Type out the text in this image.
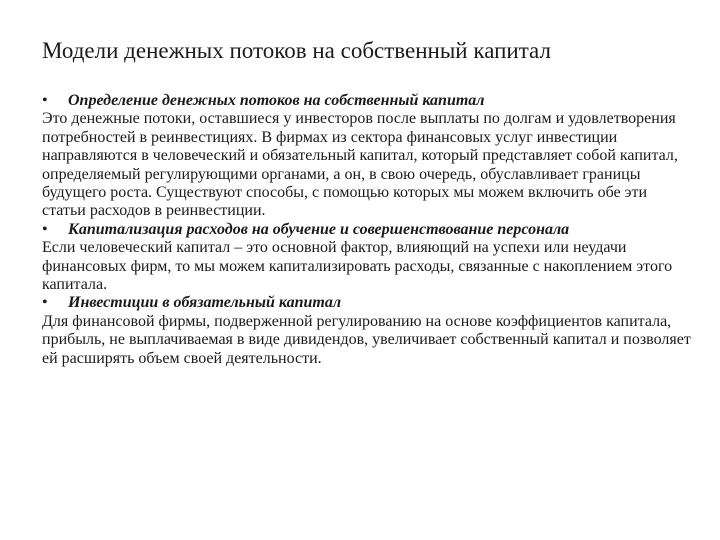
Модели денежных потоков на собственный капитал
•	Определение денежных потоков на собственный капитал

Это денежные потоки, оставшиеся у инвесторов после выплаты по долгам и удовлетворения потребностей в реинвестициях. В фирмах из сектора финансовых услуг инвестиции направляются в человеческий и обязательный капитал, который представляет собой капитал, определяемый регулирующими органами, а он, в свою очередь, обуславливает границы будущего роста. Существуют способы, с помощью которых мы можем включить обе эти статьи расходов в реинвестиции.

•	Капитализация расходов на обучение и совершенствование персонала

Если человеческий капитал – это основной фактор, влияющий на успехи или неудачи финансовых фирм, то мы можем капитализировать расходы, связанные с накоплением этого капитала.

•	Инвестиции в обязательный капитал

Для финансовой фирмы, подверженной регулированию на основе коэффициентов капитала, прибыль, не выплачиваемая в виде дивидендов, увеличивает собственный капитал и позволяет ей расширять объем своей деятельности.
